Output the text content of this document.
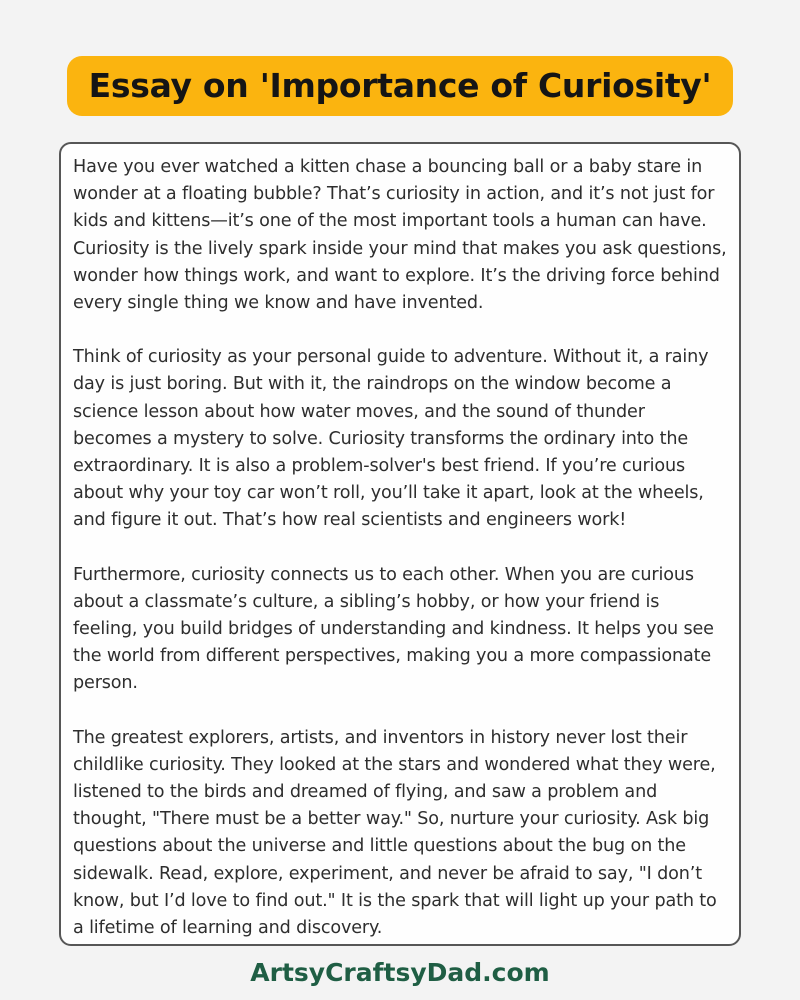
Essay on 'Importance of Curiosity'

Have you ever watched a kitten chase a bouncing ball or a baby stare in wonder at a floating bubble? That’s curiosity in action, and it’s not just for kids and kittens—it’s one of the most important tools a human can have. Curiosity is the lively spark inside your mind that makes you ask questions, wonder how things work, and want to explore. It’s the driving force behind every single thing we know and have invented.

Think of curiosity as your personal guide to adventure. Without it, a rainy day is just boring. But with it, the raindrops on the window become a science lesson about how water moves, and the sound of thunder becomes a mystery to solve. Curiosity transforms the ordinary into the extraordinary. It is also a problem-solver's best friend. If you’re curious about why your toy car won’t roll, you’ll take it apart, look at the wheels, and figure it out. That’s how real scientists and engineers work!

Furthermore, curiosity connects us to each other. When you are curious about a classmate’s culture, a sibling’s hobby, or how your friend is feeling, you build bridges of understanding and kindness. It helps you see the world from different perspectives, making you a more compassionate person.

The greatest explorers, artists, and inventors in history never lost their childlike curiosity. They looked at the stars and wondered what they were, listened to the birds and dreamed of flying, and saw a problem and thought, "There must be a better way." So, nurture your curiosity. Ask big questions about the universe and little questions about the bug on the sidewalk. Read, explore, experiment, and never be afraid to say, "I don’t know, but I’d love to find out." It is the spark that will light up your path to a lifetime of learning and discovery.

ArtsyCraftsyDad.com
